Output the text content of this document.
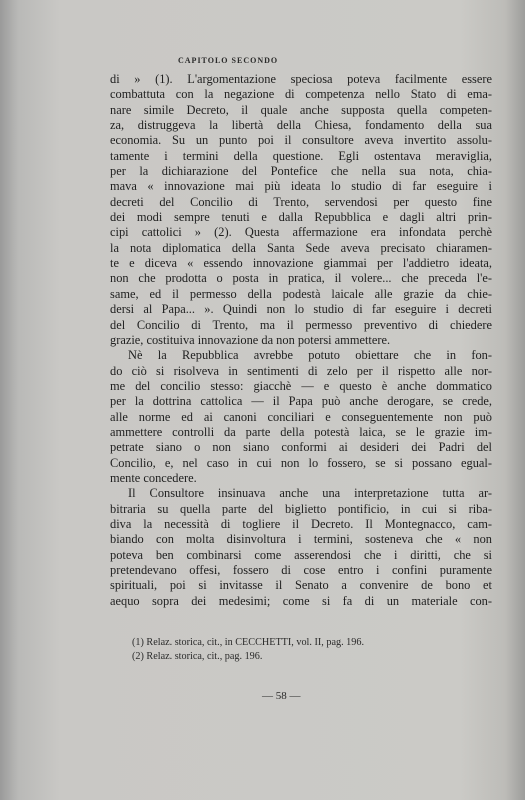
CAPITOLO SECONDO
di » (1). L'argomentazione speciosa poteva facilmente essere
combattuta con la negazione di competenza nello Stato di ema-
nare simile Decreto, il quale anche supposta quella competen-
za, distruggeva la libertà della Chiesa, fondamento della sua
economia. Su un punto poi il consultore aveva invertito assolu-
tamente i termini della questione. Egli ostentava meraviglia,
per la dichiarazione del Pontefice che nella sua nota, chia-
mava « innovazione mai più ideata lo studio di far eseguire i
decreti del Concilio di Trento, servendosi per questo fine
dei modi sempre tenuti e dalla Repubblica e dagli altri prin-
cipi cattolici » (2). Questa affermazione era infondata perchè
la nota diplomatica della Santa Sede aveva precisato chiaramen-
te e diceva « essendo innovazione giammai per l'addietro ideata,
non che prodotta o posta in pratica, il volere... che preceda l'e-
same, ed il permesso della podestà laicale alle grazie da chie-
dersi al Papa... ». Quindi non lo studio di far eseguire i decreti
del Concilio di Trento, ma il permesso preventivo di chiedere
grazie, costituiva innovazione da non potersi ammettere.
Nè la Repubblica avrebbe potuto obiettare che in fon-
do ciò si risolveva in sentimenti di zelo per il rispetto alle nor-
me del concilio stesso: giacchè — e questo è anche dommatico
per la dottrina cattolica — il Papa può anche derogare, se crede,
alle norme ed ai canoni conciliari e conseguentemente non può
ammettere controlli da parte della potestà laica, se le grazie im-
petrate siano o non siano conformi ai desideri dei Padri del
Concilio, e, nel caso in cui non lo fossero, se si possano egual-
mente concedere.
Il Consultore insinuava anche una interpretazione tutta ar-
bitraria su quella parte del biglietto pontificio, in cui si riba-
diva la necessità di togliere il Decreto. Il Montegnacco, cam-
biando con molta disinvoltura i termini, sosteneva che « non
poteva ben combinarsi come asserendosi che i diritti, che si
pretendevano offesi, fossero di cose entro i confini puramente
spirituali, poi si invitasse il Senato a convenire de bono et
aequo sopra dei medesimi; come si fa di un materiale con-
(1) Relaz. storica, cit., in CECCHETTI, vol. II, pag. 196.
(2) Relaz. storica, cit., pag. 196.
— 58 —
